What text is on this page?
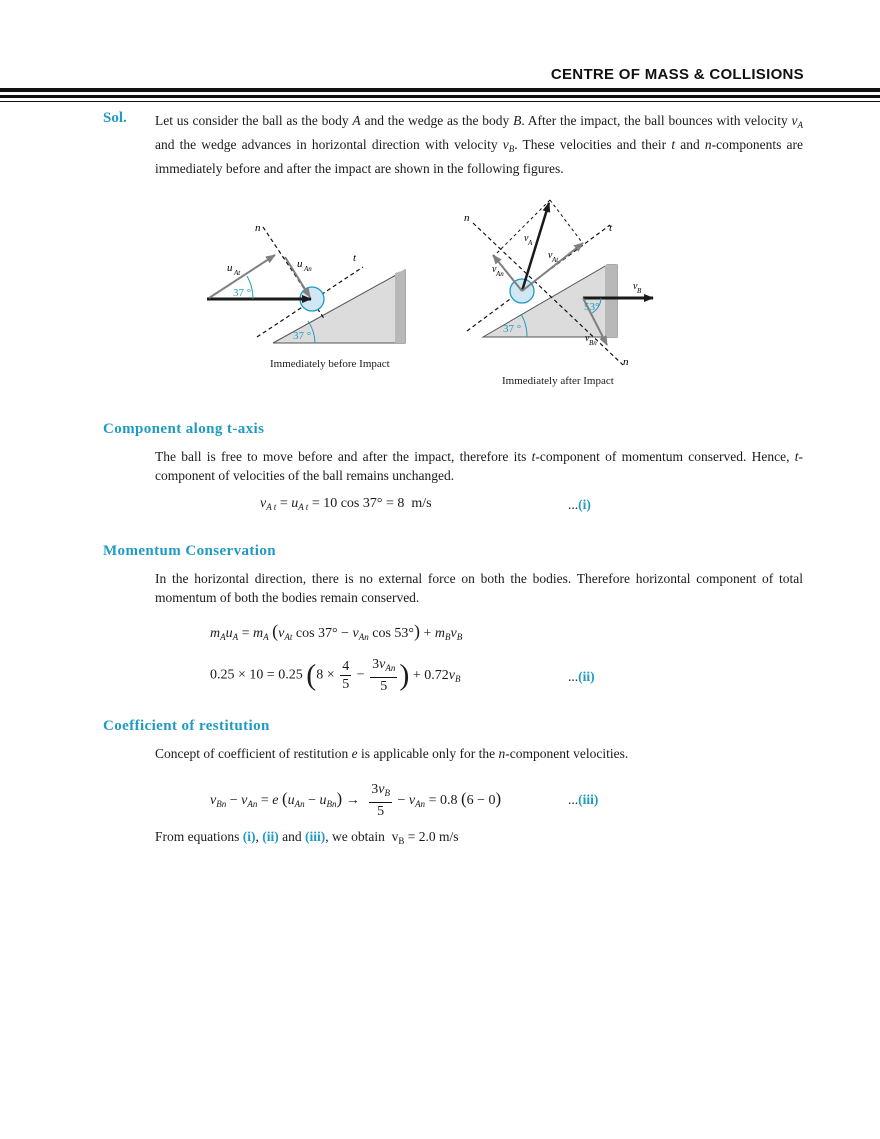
CENTRE OF MASS & COLLISIONS
Sol. Let us consider the ball as the body A and the wedge as the body B. After the impact, the ball bounces with velocity $v_A$ and the wedge advances in horizontal direction with velocity $v_B$. These velocities and their t and n-components are immediately before and after the impact are shown in the following figures.
n
t
u At
u An
37 °
37 °
Immediately before Impact
n
t
v A
v At
v An
v B
v Bn
53°
37 °
n
Immediately after Impact
Component along t-axis
The ball is free to move before and after the impact, therefore its t-component of momentum conserved. Hence, t-component of velocities of the ball remains unchanged.
$v_{A t} = u_{A t} = 10$ cos 37° = 8  m/s	...(i)
Momentum Conservation
In the horizontal direction, there is no external force on both the bodies. Therefore horizontal component of total momentum of both the bodies remain conserved.
$m_Au_A = m_A$ ($v_{At}$ $\cos 37^\circ - v_{An}$ $\cos 53^\circ) + m_Bv_B$
0.25 × 10 = 0.25 ($8 \times \frac{4}{5} - \frac{3v_{An}}{5}$ ) + $0.72v_B$	...(ii)
Coefficient of restitution
Concept of coefficient of restitution e is applicable only for the n-component velocities.
$v_{Bn} - v_{An} = e$ $(u_{An} - u_{Bn}) \to \frac{3v_B}{5} - v_{An} = 0.8$ (6 − 0)	...(iii)
From equations (i), (ii) and (iii), we obtain  $v_B = 2.0$ m/s
